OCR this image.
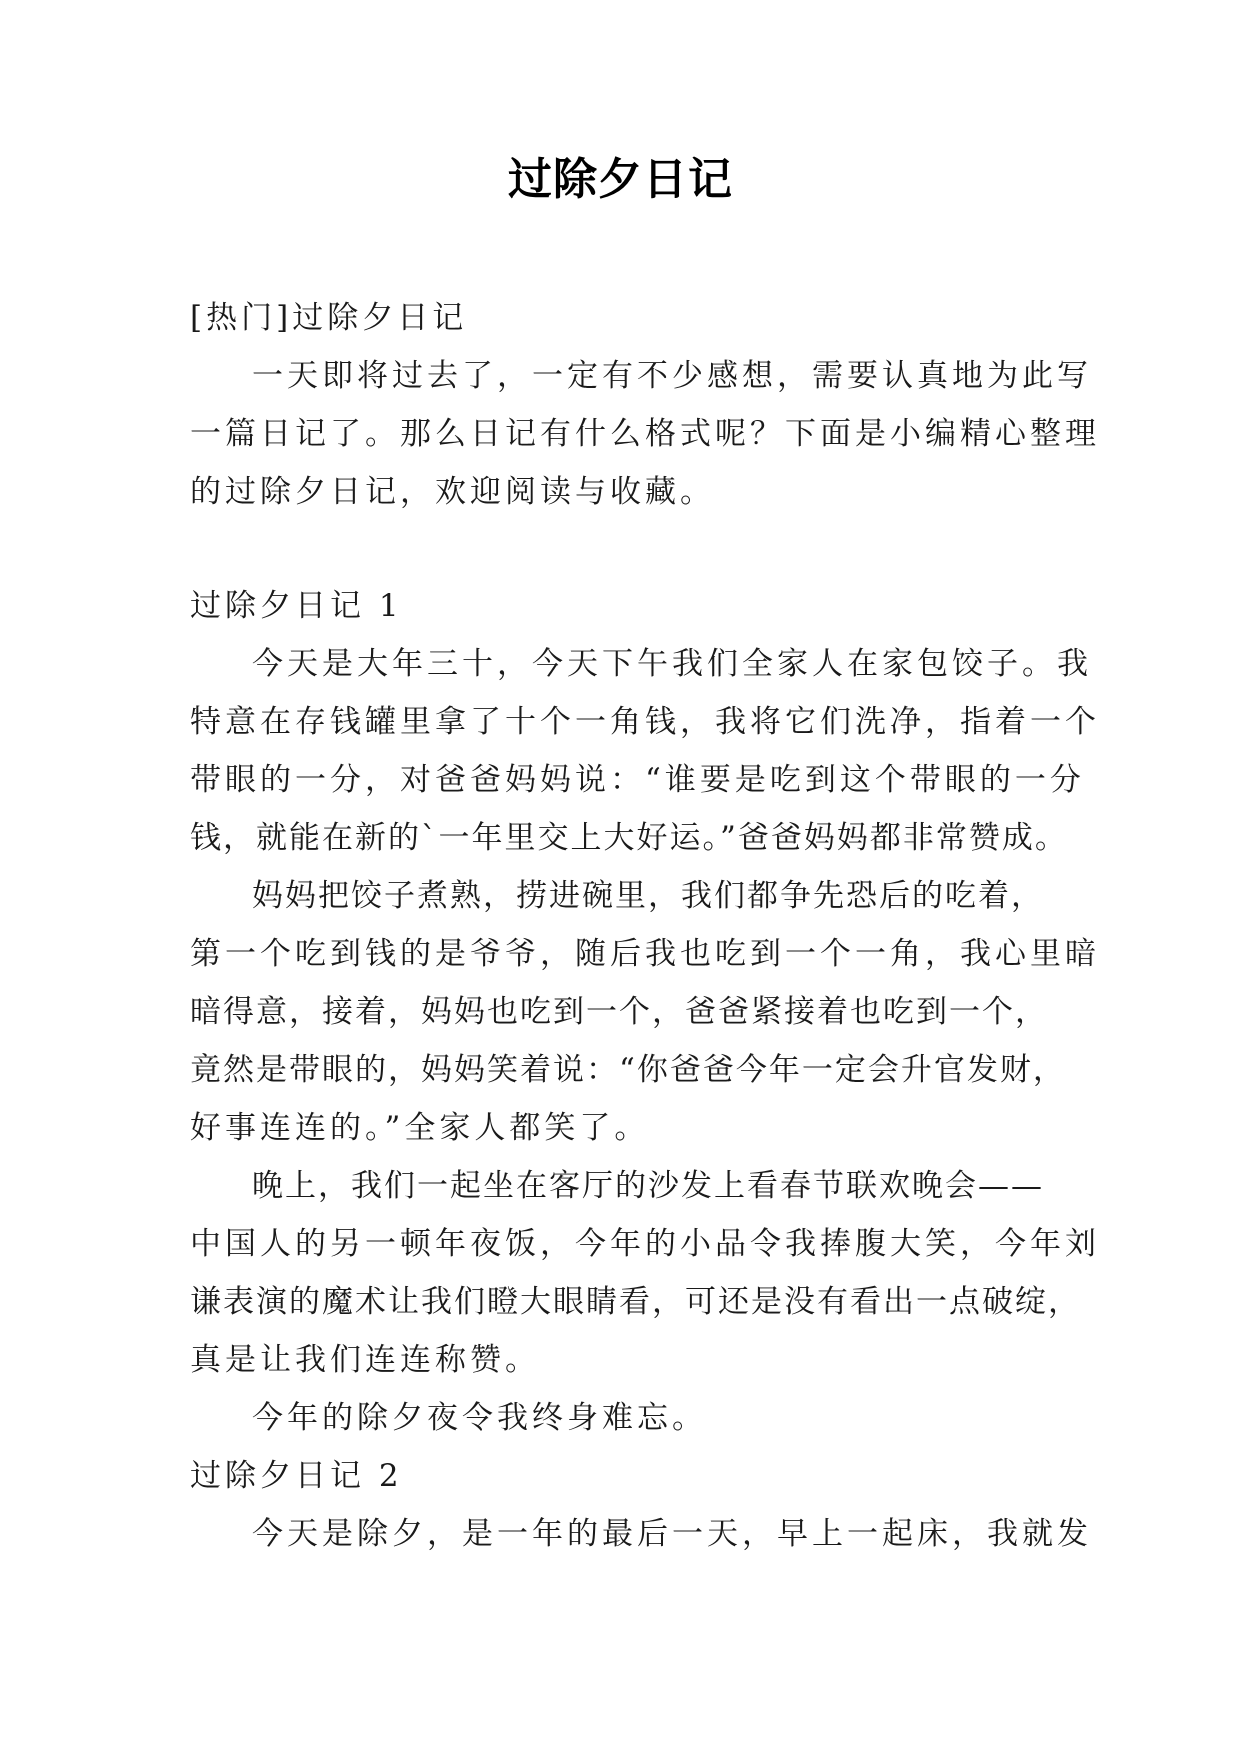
过除夕日记
[热门]过除夕日记
一天即将过去了，一定有不少感想，需要认真地为此写
一篇日记了。那么日记有什么格式呢？下面是小编精心整理
的过除夕日记，欢迎阅读与收藏。
过除夕日记 1
今天是大年三十，今天下午我们全家人在家包饺子。我
特意在存钱罐里拿了十个一角钱，我将它们洗净，指着一个
带眼的一分，对爸爸妈妈说：“谁要是吃到这个带眼的一分
钱，就能在新的`一年里交上大好运。”爸爸妈妈都非常赞成。
妈妈把饺子煮熟，捞进碗里，我们都争先恐后的吃着，
第一个吃到钱的是爷爷，随后我也吃到一个一角，我心里暗
暗得意，接着，妈妈也吃到一个，爸爸紧接着也吃到一个，
竟然是带眼的，妈妈笑着说：“你爸爸今年一定会升官发财，
好事连连的。”全家人都笑了。
晚上，我们一起坐在客厅的沙发上看春节联欢晚会——
中国人的另一顿年夜饭，今年的小品令我捧腹大笑，今年刘
谦表演的魔术让我们瞪大眼睛看，可还是没有看出一点破绽，
真是让我们连连称赞。
今年的除夕夜令我终身难忘。
过除夕日记 2
今天是除夕，是一年的最后一天，早上一起床，我就发
